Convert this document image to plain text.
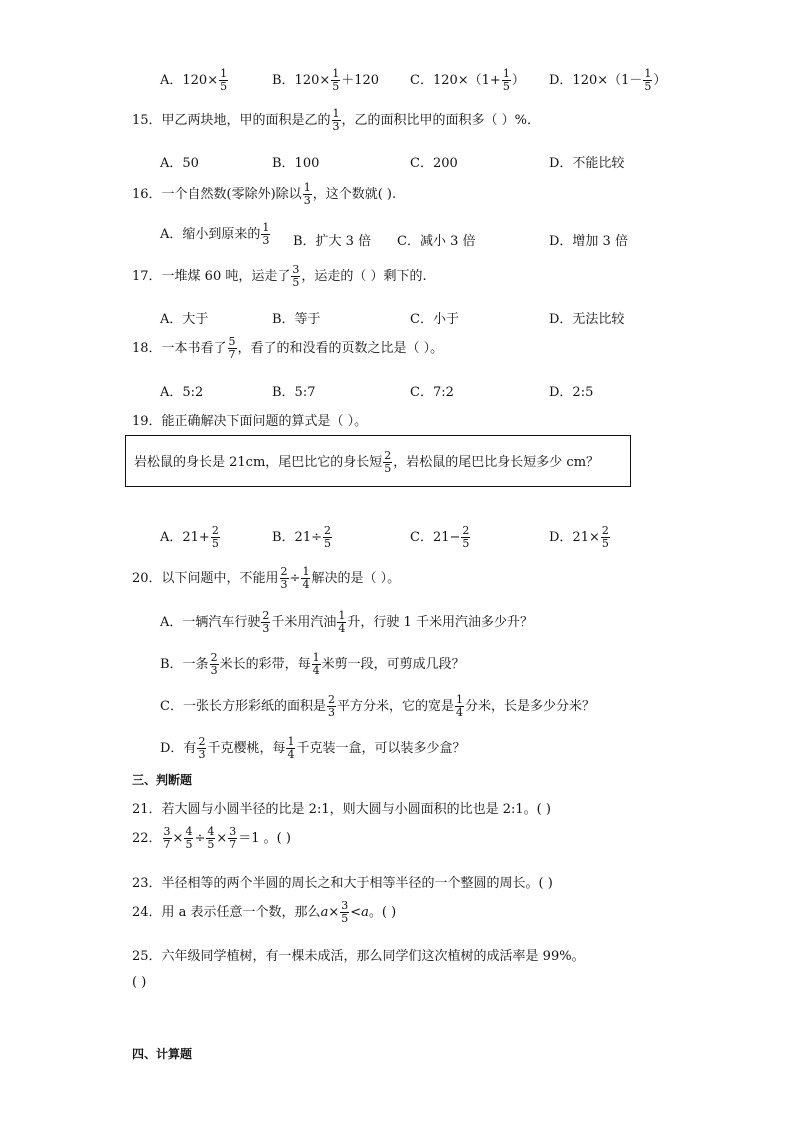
A．$120\times \frac{1}{5}$	B．$120\times \frac{1}{5} +120$ C．$120\times(1+ \frac{1}{5}$ ） D．$120\times(1- \frac{1}{5}$ ）
15．甲乙两块地，甲的面积是乙的 $\frac{1}{3}$ ，乙的面积比甲的面积多（ ）%．
A．50	B．100	C．200	D．不能比较
16．一个自然数(零除外)除以 $\frac{1}{3}$ ，这个数就( ).
A．缩小到原来的 $\frac{1}{3}$ B．扩大 3 倍 C．减小 3 倍	D．增加 3 倍
17．一堆煤 60 吨，运走了 $\frac{3}{5}$ ，运走的（ ）剩下的.
A．大于	B．等于	C．小于	D．无法比较
18．一本书看了 $\frac{5}{7}$ ，看了的和没看的页数之比是（ ）。
A．5:2	B．5:7	C．7:2	D．2:5
19．能正确解决下面问题的算式是（ ）。
岩松鼠的身长是 21cm，尾巴比它的身长短 $\frac{2}{5}$ ，岩松鼠的尾巴比身长短多少 cm？
A．$21+ \frac{2}{5}$	B．$21\div \frac{2}{5}$	C．$21- \frac{2}{5}$	D．$21\times \frac{2}{5}$
20．以下问题中，不能用 $\frac{2}{3} \div \frac{1}{4}$ 解决的是（ ）。
A．一辆汽车行驶 $\frac{2}{3}$ 千米用汽油 $\frac{1}{4}$ 升，行驶 1 千米用汽油多少升？
B．一条 $\frac{2}{3}$ 米长的彩带，每 $\frac{1}{4}$ 米剪一段，可剪成几段？
C．一张长方形彩纸的面积是 $\frac{2}{3}$ 平方分米，它的宽是 $\frac{1}{4}$ 分米，长是多少分米？
D．有 $\frac{2}{3}$ 千克樱桃，每 $\frac{1}{4}$ 千克装一盒，可以装多少盒？
三、判断题
21．若大圆与小圆半径的比是 2:1，则大圆与小圆面积的比也是 2:1。( )
22． $\frac{3}{7} \times \frac{4}{5} \div \frac{4}{5} \times \frac{3}{7} =1$ 。( )
23．半径相等的两个半圆的周长之和大于相等半径的一个整圆的周长。( )
24．用 a 表示任意一个数，那么$a\times \frac{3}{5} <a$。( )
25．六年级同学植树，有一棵未成活，那么同学们这次植树的成活率是 99%。
( )
四、计算题
